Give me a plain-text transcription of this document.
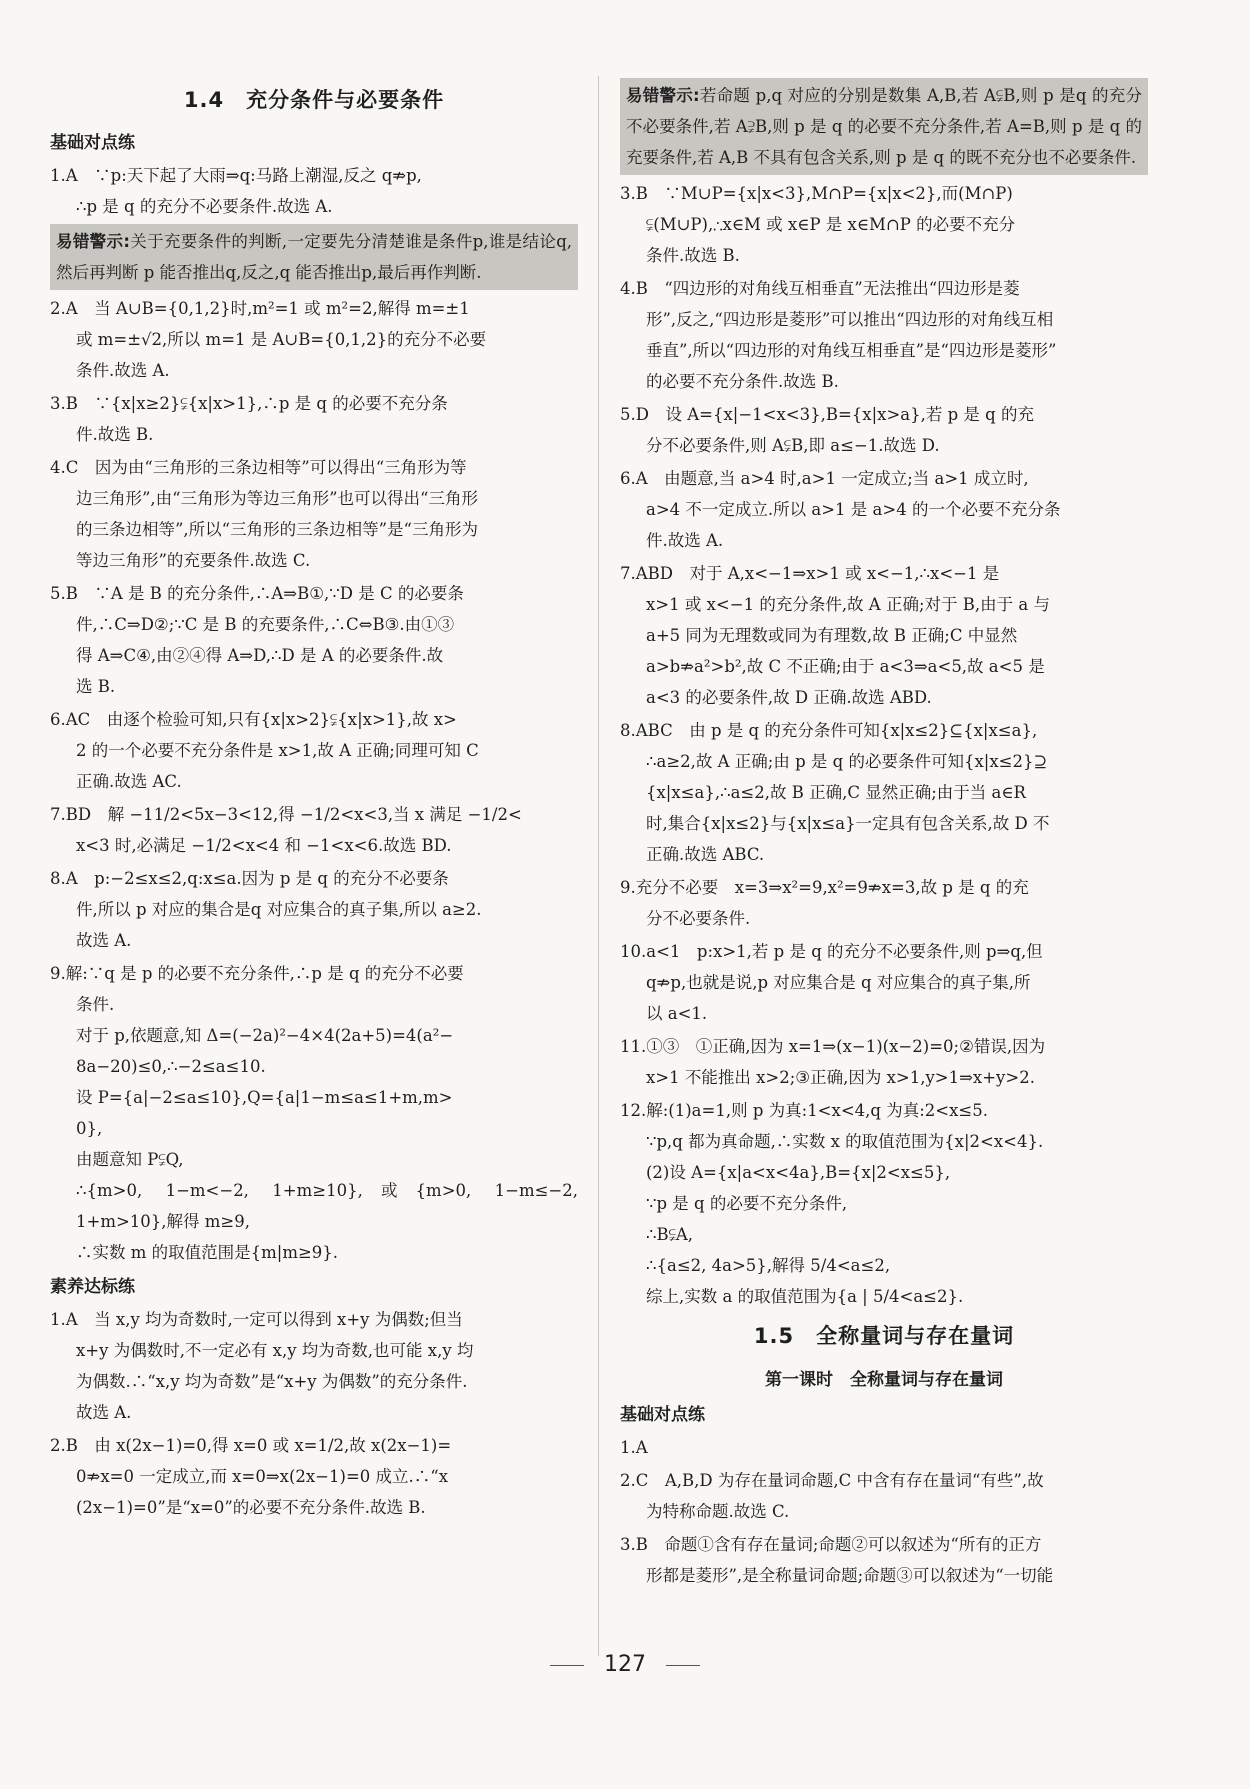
1.4 充分条件与必要条件
基础对点练

1.A　∵p:天下起了大雨⇒q:马路上潮湿,反之 q⇏p,

∴p 是 q 的充分不必要条件.故选 A.

易错警示:关于充要条件的判断,一定要先分清楚谁是条件p,谁是结论q,然后再判断 p 能否推出q,反之,q 能否推出p,最后再作判断.

2.A　当 A∪B={0,1,2}时,m²=1 或 m²=2,解得 m=±1

或 m=±√2,所以 m=1 是 A∪B={0,1,2}的充分不必要

条件.故选 A.

3.B　∵{x|x≥2}⫋{x|x>1},∴p 是 q 的必要不充分条

件.故选 B.

4.C　因为由“三角形的三条边相等”可以得出“三角形为等

边三角形”,由“三角形为等边三角形”也可以得出“三角形

的三条边相等”,所以“三角形的三条边相等”是“三角形为

等边三角形”的充要条件.故选 C.

5.B　∵A 是 B 的充分条件,∴A⇒B①,∵D 是 C 的必要条

件,∴C⇒D②;∵C 是 B 的充要条件,∴C⇔B③.由①③

得 A⇒C④,由②④得 A⇒D,∴D 是 A 的必要条件.故

选 B.

6.AC　由逐个检验可知,只有{x|x>2}⫋{x|x>1},故 x>

2 的一个必要不充分条件是 x>1,故 A 正确;同理可知 C

正确.故选 AC.

7.BD　解 −11/2<5x−3<12,得 −1/2<x<3,当 x 满足 −1/2<

x<3 时,必满足 −1/2<x<4 和 −1<x<6.故选 BD.

8.A　p:−2≤x≤2,q:x≤a.因为 p 是 q 的充分不必要条

件,所以 p 对应的集合是q 对应集合的真子集,所以 a≥2.

故选 A.

9.解:∵q 是 p 的必要不充分条件,∴p 是 q 的充分不必要

条件.

对于 p,依题意,知 Δ=(−2a)²−4×4(2a+5)=4(a²−

8a−20)≤0,∴−2≤a≤10.

设 P={a|−2≤a≤10},Q={a|1−m≤a≤1+m,m>

0},

由题意知 P⫋Q,

∴{m>0, 1−m<−2, 1+m≥10},或{m>0, 1−m≤−2, 1+m>10},解得 m≥9,

∴实数 m 的取值范围是{m|m≥9}.

素养达标练

1.A　当 x,y 均为奇数时,一定可以得到 x+y 为偶数;但当

x+y 为偶数时,不一定必有 x,y 均为奇数,也可能 x,y 均

为偶数.∴“x,y 均为奇数”是“x+y 为偶数”的充分条件.

故选 A.

2.B　由 x(2x−1)=0,得 x=0 或 x=1/2,故 x(2x−1)=

0⇏x=0 一定成立,而 x=0⇒x(2x−1)=0 成立.∴“x

(2x−1)=0”是“x=0”的必要不充分条件.故选 B.

易错警示:若命题 p,q 对应的分别是数集 A,B,若 A⫋B,则 p 是q 的充分不必要条件,若 A⫌B,则 p 是 q 的必要不充分条件,若 A=B,则 p 是 q 的充要条件,若 A,B 不具有包含关系,则 p 是 q 的既不充分也不必要条件.

3.B　∵M∪P={x|x<3},M∩P={x|x<2},而(M∩P)

⫋(M∪P),∴x∈M 或 x∈P 是 x∈M∩P 的必要不充分

条件.故选 B.

4.B　“四边形的对角线互相垂直”无法推出“四边形是菱

形”,反之,“四边形是菱形”可以推出“四边形的对角线互相

垂直”,所以“四边形的对角线互相垂直”是“四边形是菱形”

的必要不充分条件.故选 B.

5.D　设 A={x|−1<x<3},B={x|x>a},若 p 是 q 的充

分不必要条件,则 A⫋B,即 a≤−1.故选 D.

6.A　由题意,当 a>4 时,a>1 一定成立;当 a>1 成立时,

a>4 不一定成立.所以 a>1 是 a>4 的一个必要不充分条

件.故选 A.

7.ABD　对于 A,x<−1⇒x>1 或 x<−1,∴x<−1 是

x>1 或 x<−1 的充分条件,故 A 正确;对于 B,由于 a 与

a+5 同为无理数或同为有理数,故 B 正确;C 中显然

a>b⇏a²>b²,故 C 不正确;由于 a<3⇒a<5,故 a<5 是

a<3 的必要条件,故 D 正确.故选 ABD.

8.ABC　由 p 是 q 的充分条件可知{x|x≤2}⊆{x|x≤a},

∴a≥2,故 A 正确;由 p 是 q 的必要条件可知{x|x≤2}⊇

{x|x≤a},∴a≤2,故 B 正确,C 显然正确;由于当 a∈R

时,集合{x|x≤2}与{x|x≤a}一定具有包含关系,故 D 不

正确.故选 ABC.

9.充分不必要　x=3⇒x²=9,x²=9⇏x=3,故 p 是 q 的充

分不必要条件.

10.a<1　p:x>1,若 p 是 q 的充分不必要条件,则 p⇒q,但

q⇏p,也就是说,p 对应集合是 q 对应集合的真子集,所

以 a<1.

11.①③　①正确,因为 x=1⇒(x−1)(x−2)=0;②错误,因为

x>1 不能推出 x>2;③正确,因为 x>1,y>1⇒x+y>2.

12.解:(1)a=1,则 p 为真:1<x<4,q 为真:2<x≤5.

∵p,q 都为真命题,∴实数 x 的取值范围为{x|2<x<4}.

(2)设 A={x|a<x<4a},B={x|2<x≤5},

∵p 是 q 的必要不充分条件,

∴B⫋A,

∴{a≤2, 4a>5},解得 5/4<a≤2,

综上,实数 a 的取值范围为{a | 5/4<a≤2}.

1.5 全称量词与存在量词
第一课时　全称量词与存在量词
基础对点练

1.A

2.C　A,B,D 为存在量词命题,C 中含有存在量词“有些”,故

为特称命题.故选 C.

3.B　命题①含有存在量词;命题②可以叙述为“所有的正方

形都是菱形”,是全称量词命题;命题③可以叙述为“一切能

127
